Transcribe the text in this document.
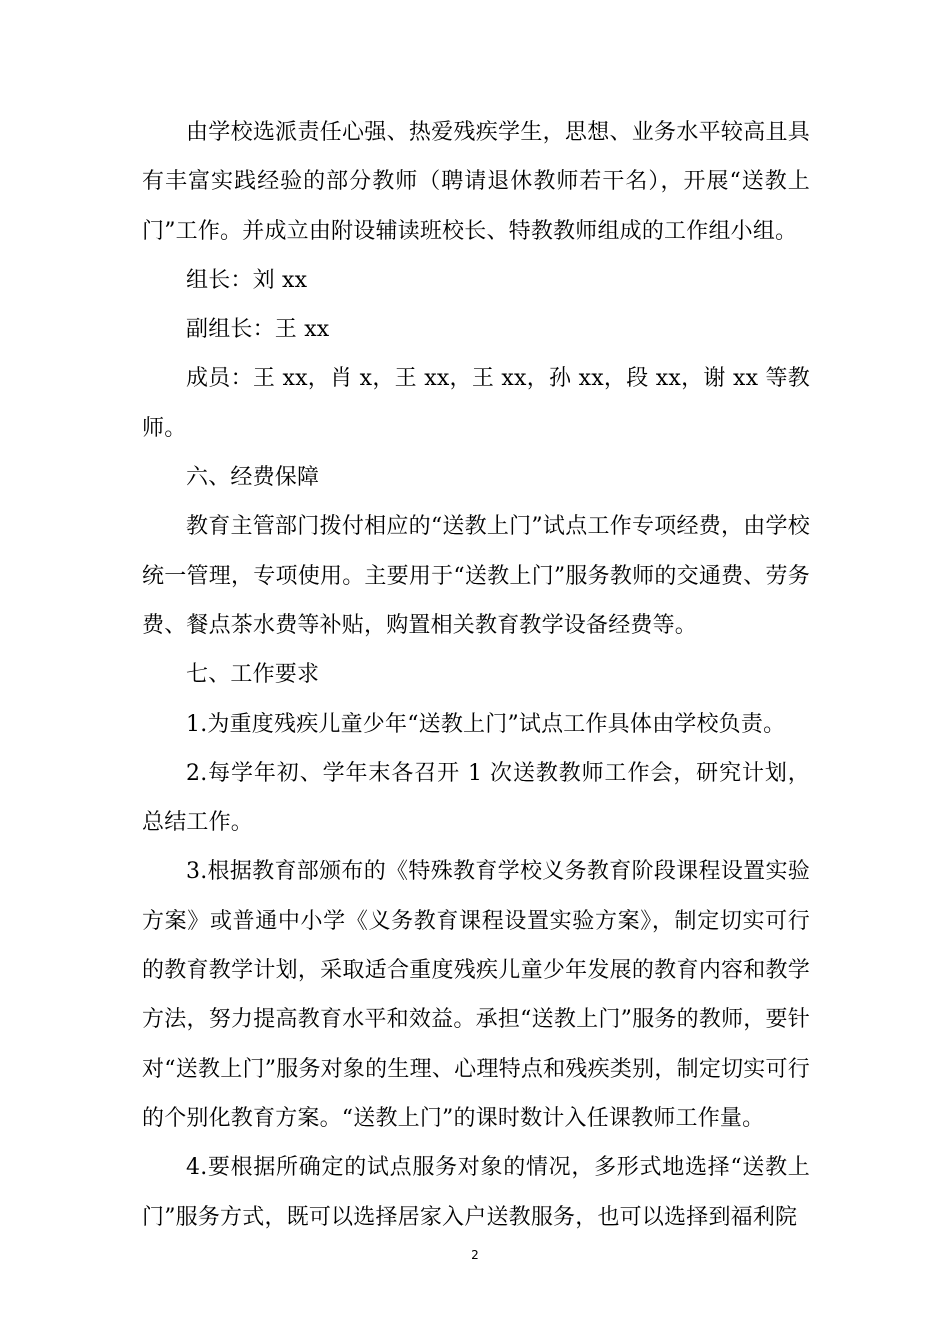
由学校选派责任心强、热爱残疾学生，思想、业务水平较高且具有丰富实践经验的部分教师（聘请退休教师若干名），开展“送教上门”工作。并成立由附设辅读班校长、特教教师组成的工作组小组。

组长：刘 xx

副组长：王 xx

成员：王 xx，肖 x，王 xx，王 xx，孙 xx，段 xx，谢 xx 等教师。

六、经费保障

教育主管部门拨付相应的“送教上门”试点工作专项经费，由学校统一管理，专项使用。主要用于“送教上门”服务教师的交通费、劳务费、餐点茶水费等补贴，购置相关教育教学设备经费等。

七、工作要求

1.为重度残疾儿童少年“送教上门”试点工作具体由学校负责。

2.每学年初、学年末各召开 1 次送教教师工作会，研究计划，总结工作。

3.根据教育部颁布的《特殊教育学校义务教育阶段课程设置实验方案》或普通中小学《义务教育课程设置实验方案》，制定切实可行的教育教学计划，采取适合重度残疾儿童少年发展的教育内容和教学方法，努力提高教育水平和效益。承担“送教上门”服务的教师，要针对“送教上门”服务对象的生理、心理特点和残疾类别，制定切实可行的个别化教育方案。“送教上门”的课时数计入任课教师工作量。

4.要根据所确定的试点服务对象的情况，多形式地选择“送教上门”服务方式，既可以选择居家入户送教服务，也可以选择到福利院

2
